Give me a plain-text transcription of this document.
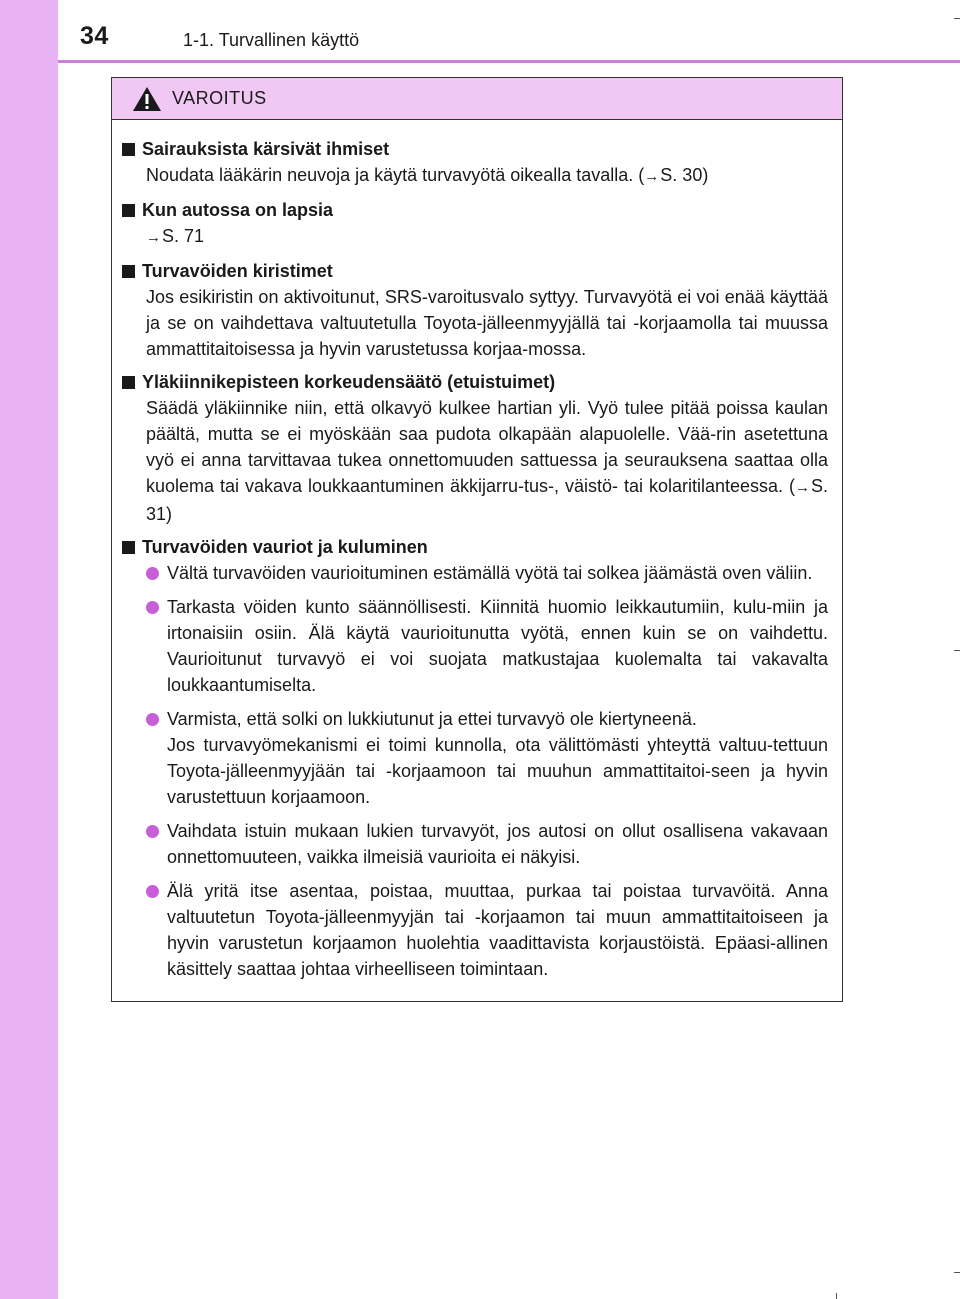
34	1-1. Turvallinen käyttö
VAROITUS
Sairauksista kärsivät ihmiset
Noudata lääkärin neuvoja ja käytä turvavyötä oikealla tavalla. (→S. 30)
Kun autossa on lapsia
→S. 71
Turvavöiden kiristimet
Jos esikiristin on aktivoitunut, SRS-varoitusvalo syttyy. Turvavyötä ei voi enää käyttää ja se on vaihdettava valtuutetulla Toyota-jälleenmyyjällä tai -korjaamolla tai muussa ammattitaitoisessa ja hyvin varustetussa korjaa-mossa.
Yläkiinnikepisteen korkeudensäätö (etuistuimet)
Säädä yläkiinnike niin, että olkavyö kulkee hartian yli. Vyö tulee pitää poissa kaulan päältä, mutta se ei myöskään saa pudota olkapään alapuolelle. Vää-rin asetettuna vyö ei anna tarvittavaa tukea onnettomuuden sattuessa ja seurauksena saattaa olla kuolema tai vakava loukkaantuminen äkkijarru-tus-, väistö- tai kolaritilanteessa. (→S. 31)
Turvavöiden vauriot ja kuluminen
Vältä turvavöiden vaurioituminen estämällä vyötä tai solkea jäämästä oven väliin.
Tarkasta vöiden kunto säännöllisesti. Kiinnitä huomio leikkautumiin, kulu-miin ja irtonaisiin osiin. Älä käytä vaurioitunutta vyötä, ennen kuin se on vaihdettu. Vaurioitunut turvavyö ei voi suojata matkustajaa kuolemalta tai vakavalta loukkaantumiselta.
Varmista, että solki on lukkiutunut ja ettei turvavyö ole kiertyneenä.
Jos turvavyömekanismi ei toimi kunnolla, ota välittömästi yhteyttä valtuu-tettuun Toyota-jälleenmyyjään tai -korjaamoon tai muuhun ammattitaitoi-seen ja hyvin varustettuun korjaamoon.
Vaihdata istuin mukaan lukien turvavyöt, jos autosi on ollut osallisena vakavaan onnettomuuteen, vaikka ilmeisiä vaurioita ei näkyisi.
Älä yritä itse asentaa, poistaa, muuttaa, purkaa tai poistaa turvavöitä. Anna valtuutetun Toyota-jälleenmyyjän tai -korjaamon tai muun ammattitaitoiseen ja hyvin varustetun korjaamon huolehtia vaadittavista korjaustöistä. Epäasi-allinen käsittely saattaa johtaa virheelliseen toimintaan.
